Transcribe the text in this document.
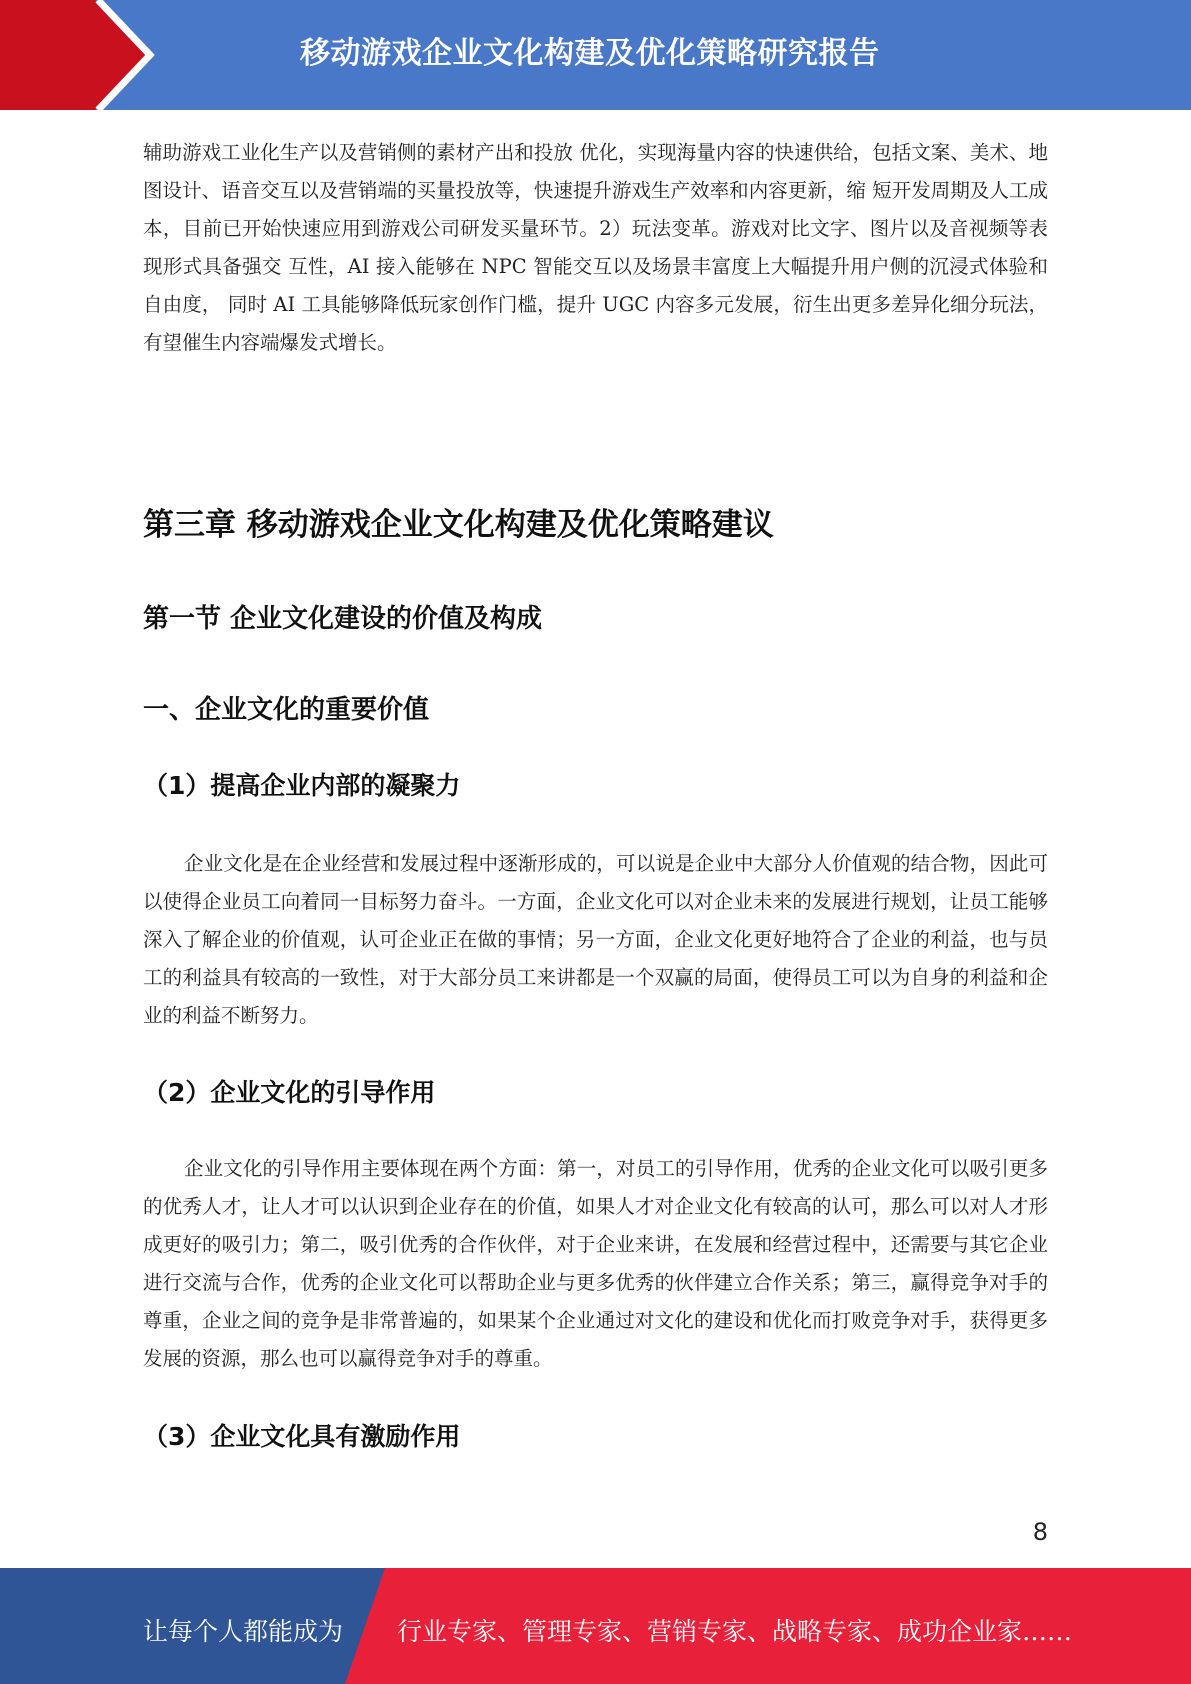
移动游戏企业文化构建及优化策略研究报告

辅助游戏工业化生产以及营销侧的素材产出和投放 优化，实现海量内容的快速供给，包括文案、美术、地图设计、语音交互以及营销端的买量投放等，快速提升游戏生产效率和内容更新，缩 短开发周期及人工成本，目前已开始快速应用到游戏公司研发买量环节。2）玩法变革。游戏对比文字、图片以及音视频等表现形式具备强交 互性，AI 接入能够在 NPC 智能交互以及场景丰富度上大幅提升用户侧的沉浸式体验和自由度， 同时 AI 工具能够降低玩家创作门槛，提升 UGC 内容多元发展，衍生出更多差异化细分玩法，有望催生内容端爆发式增长。

第三章 移动游戏企业文化构建及优化策略建议
第一节 企业文化建设的价值及构成
一、企业文化的重要价值
（1）提高企业内部的凝聚力

企业文化是在企业经营和发展过程中逐渐形成的，可以说是企业中大部分人价值观的结合物，因此可以使得企业员工向着同一目标努力奋斗。一方面，企业文化可以对企业未来的发展进行规划，让员工能够深入了解企业的价值观，认可企业正在做的事情；另一方面，企业文化更好地符合了企业的利益，也与员工的利益具有较高的一致性，对于大部分员工来讲都是一个双赢的局面，使得员工可以为自身的利益和企业的利益不断努力。

（2）企业文化的引导作用

企业文化的引导作用主要体现在两个方面：第一，对员工的引导作用，优秀的企业文化可以吸引更多的优秀人才，让人才可以认识到企业存在的价值，如果人才对企业文化有较高的认可，那么可以对人才形成更好的吸引力；第二，吸引优秀的合作伙伴，对于企业来讲，在发展和经营过程中，还需要与其它企业进行交流与合作，优秀的企业文化可以帮助企业与更多优秀的伙伴建立合作关系；第三，赢得竞争对手的尊重，企业之间的竞争是非常普遍的，如果某个企业通过对文化的建设和优化而打败竞争对手，获得更多发展的资源，那么也可以赢得竞争对手的尊重。

（3）企业文化具有激励作用
8
让每个人都能成为 行业专家、管理专家、营销专家、战略专家、成功企业家……
